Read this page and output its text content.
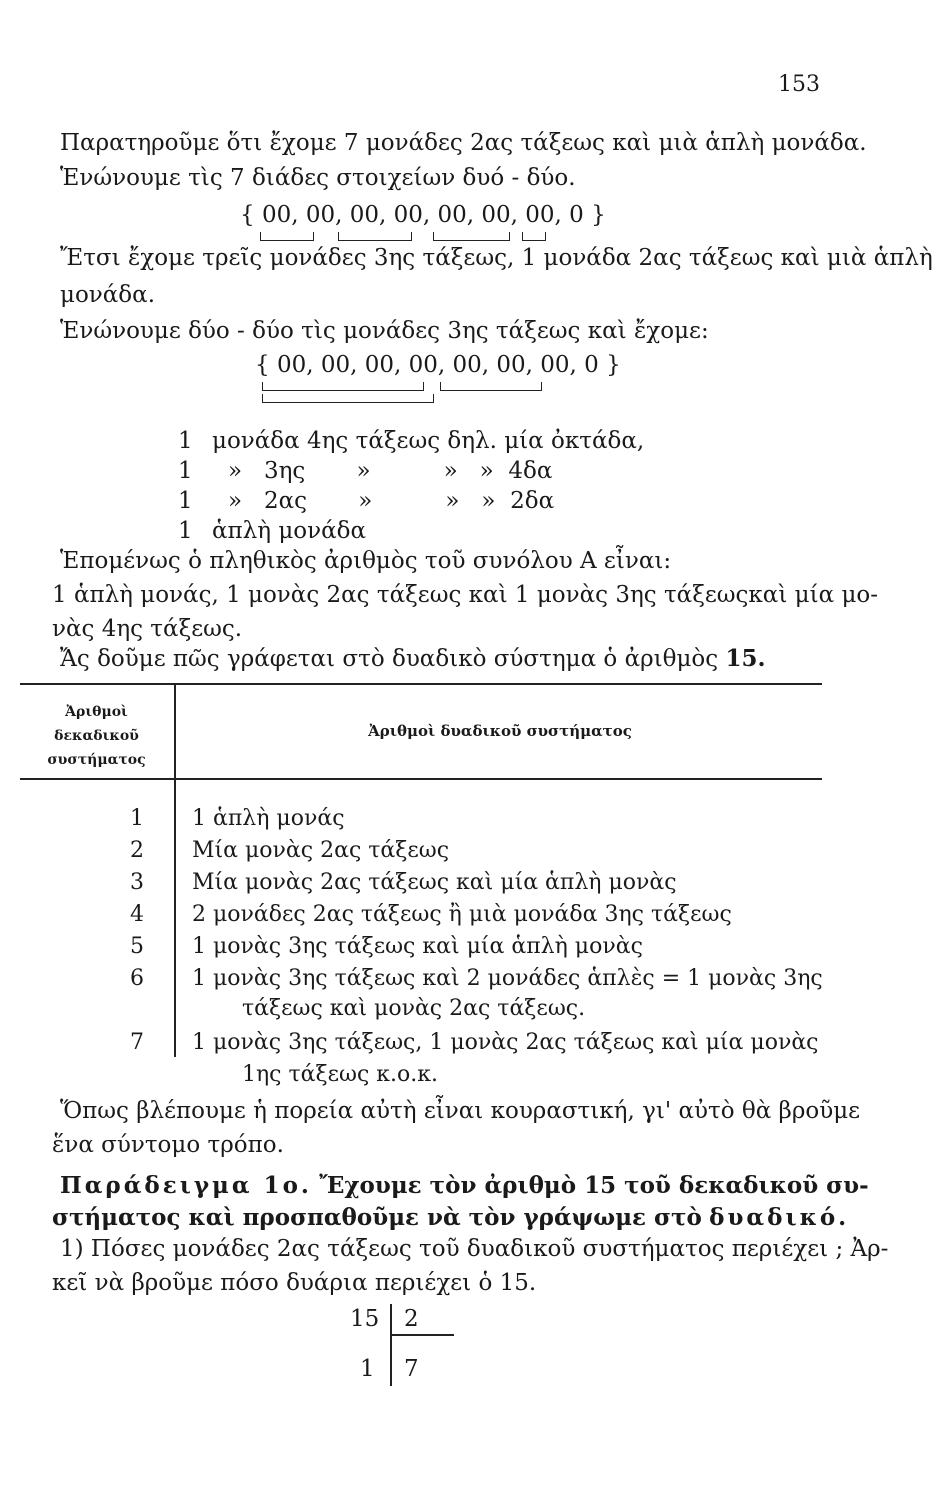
153
Παρατηροῦμε ὅτι ἔχομε 7 μονάδες 2ας τάξεως καὶ μιὰ ἁπλὴ μονάδα.
Ἑνώνουμε τὶς 7 διάδες στοιχείων δυό - δύο.
{ 00, 00, 00, 00, 00, 00, 00, 0 }
Ἔτσι ἔχομε τρεῖς μονάδες 3ης τάξεως, 1 μονάδα 2ας τάξεως καὶ μιὰ ἁπλὴ
μονάδα.
Ἑνώνουμε δύο - δύο τὶς μονάδες 3ης τάξεως καὶ ἔχομε:
{ 00, 00, 00, 00, 00, 00, 00, 0 }
1 μονάδα 4ης τάξεως δηλ. μία ὀκτάδα,
1 »   3ης       »          »   »  4δα
1 »   2ας       »          »   »  2δα
1 ἁπλὴ μονάδα
Ἑπομένως ὁ πληθικὸς ἀριθμὸς τοῦ συνόλου Α εἶναι:
1 ἁπλὴ μονάς, 1 μονὰς 2ας τάξεως καὶ 1 μονὰς 3ης τάξεωςκαὶ μία μο-
νὰς 4ης τάξεως.
Ἄς δοῦμε πῶς γράφεται στὸ δυαδικὸ σύστημα ὁ ἀριθμὸς 15.
Ἀριθμοὶ
δεκαδικοῦ
συστήματος
Ἀριθμοὶ δυαδικοῦ συστήματος
1 1 ἁπλὴ μονάς
2 Μία μονὰς 2ας τάξεως
3 Μία μονὰς 2ας τάξεως καὶ μία ἁπλὴ μονὰς
4 2 μονάδες 2ας τάξεως ἢ μιὰ μονάδα 3ης τάξεως
5 1 μονὰς 3ης τάξεως καὶ μία ἁπλὴ μονὰς
6 1 μονὰς 3ης τάξεως καὶ 2 μονάδες ἁπλὲς = 1 μονὰς 3ης
τάξεως καὶ μονὰς 2ας τάξεως.
7 1 μονὰς 3ης τάξεως, 1 μονὰς 2ας τάξεως καὶ μία μονὰς
1ης τάξεως κ.ο.κ.
Ὅπως βλέπουμε ἡ πορεία αὐτὴ εἶναι κουραστική, γι' αὐτὸ θὰ βροῦμε
ἕνα σύντομο τρόπο.
Παράδειγμα 1ο. Ἔχουμε τὸν ἀριθμὸ 15 τοῦ δεκαδικοῦ συ-
στήματος καὶ προσπαθοῦμε νὰ τὸν γράψωμε στὸ δυαδικό.
1) Πόσες μονάδες 2ας τάξεως τοῦ δυαδικοῦ συστήματος περιέχει ; Ἀρ-
κεῖ νὰ βροῦμε πόσο δυάρια περιέχει ὁ 15.
15 2
1 7
